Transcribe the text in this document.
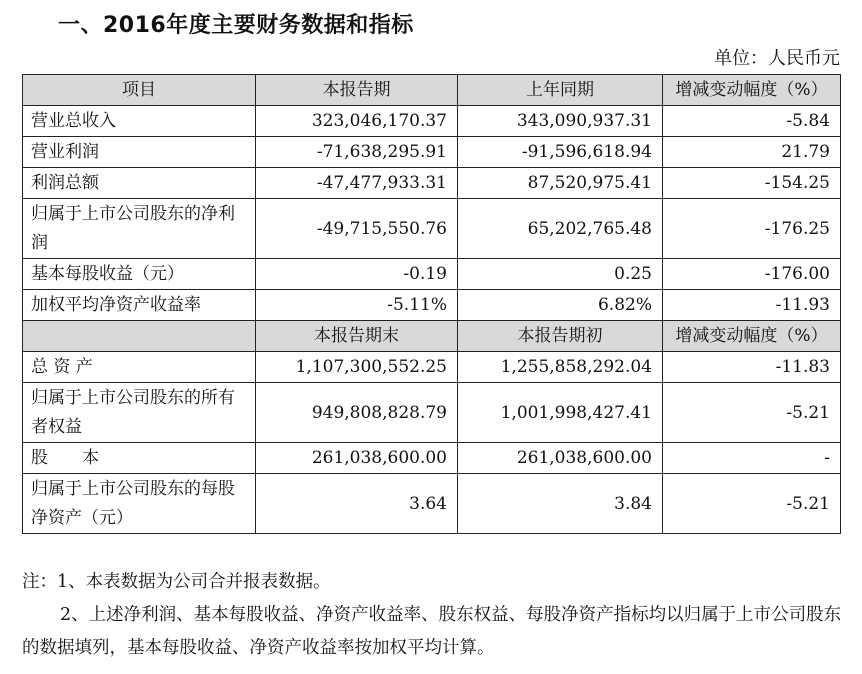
一、2016年度主要财务数据和指标
单位：人民币元
项目	本报告期	上年同期	增减变动幅度（%）
营业总收入	323,046,170.37	343,090,937.31	-5.84
营业利润	-71,638,295.91	-91,596,618.94	21.79
利润总额	-47,477,933.31	87,520,975.41	-154.25
归属于上市公司股东的净利润	-49,715,550.76	65,202,765.48	-176.25
基本每股收益（元）	-0.19	0.25	-176.00
加权平均净资产收益率	-5.11%	6.82%	-11.93
	本报告期末	本报告期初	增减变动幅度（%）
总 资 产	1,107,300,552.25	1,255,858,292.04	-11.83
归属于上市公司股东的所有者权益	949,808,828.79	1,001,998,427.41	-5.21
股　　本	261,038,600.00	261,038,600.00	-
归属于上市公司股东的每股净资产（元）	3.64	3.84	-5.21

注：1、本表数据为公司合并报表数据。

2、上述净利润、基本每股收益、净资产收益率、股东权益、每股净资产指标均以归属于上市公司股东的数据填列，基本每股收益、净资产收益率按加权平均计算。
